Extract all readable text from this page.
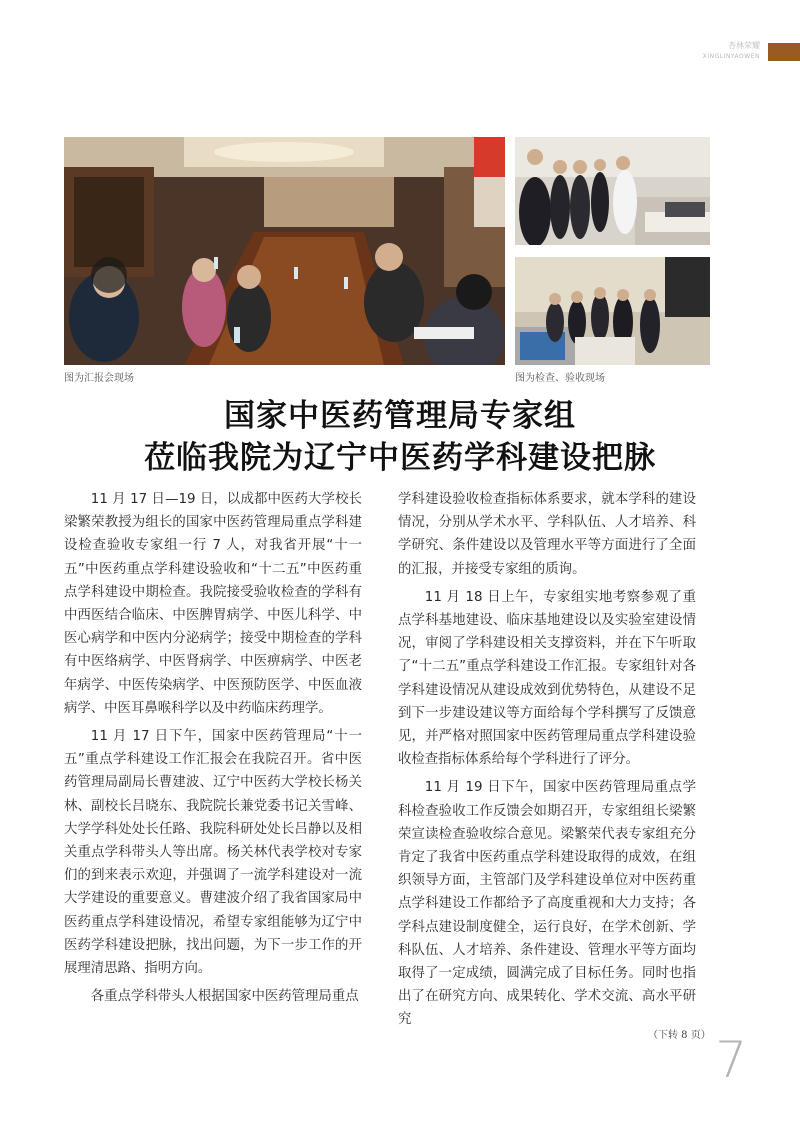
杏林荣耀
XINGLINYAOWEN
图为汇报会现场	图为检查、验收现场
国家中医药管理局专家组
莅临我院为辽宁中医药学科建设把脉

11 月 17 日—19 日，以成都中医药大学校长梁繁荣教授为组长的国家中医药管理局重点学科建设检查验收专家组一行 7 人，对我省开展“十一五”中医药重点学科建设验收和“十二五”中医药重点学科建设中期检查。我院接受验收检查的学科有中西医结合临床、中医脾胃病学、中医儿科学、中医心病学和中医内分泌病学；接受中期检查的学科有中医络病学、中医肾病学、中医痹病学、中医老年病学、中医传染病学、中医预防医学、中医血液病学、中医耳鼻喉科学以及中药临床药理学。

11 月 17 日下午，国家中医药管理局“十一五”重点学科建设工作汇报会在我院召开。省中医药管理局副局长曹建波、辽宁中医药大学校长杨关林、副校长吕晓东、我院院长兼党委书记关雪峰、大学学科处处长任路、我院科研处处长吕静以及相关重点学科带头人等出席。杨关林代表学校对专家们的到来表示欢迎，并强调了一流学科建设对一流大学建设的重要意义。曹建波介绍了我省国家局中医药重点学科建设情况，希望专家组能够为辽宁中医药学科建设把脉，找出问题，为下一步工作的开展理清思路、指明方向。

各重点学科带头人根据国家中医药管理局重点

学科建设验收检查指标体系要求，就本学科的建设情况，分别从学术水平、学科队伍、人才培养、科学研究、条件建设以及管理水平等方面进行了全面的汇报，并接受专家组的质询。

11 月 18 日上午，专家组实地考察参观了重点学科基地建设、临床基地建设以及实验室建设情况，审阅了学科建设相关支撑资料，并在下午听取了“十二五”重点学科建设工作汇报。专家组针对各学科建设情况从建设成效到优势特色，从建设不足到下一步建设建议等方面给每个学科撰写了反馈意见，并严格对照国家中医药管理局重点学科建设验收检查指标体系给每个学科进行了评分。

11 月 19 日下午，国家中医药管理局重点学科检查验收工作反馈会如期召开，专家组组长梁繁荣宣读检查验收综合意见。梁繁荣代表专家组充分肯定了我省中医药重点学科建设取得的成效，在组织领导方面，主管部门及学科建设单位对中医药重点学科建设工作都给予了高度重视和大力支持；各学科点建设制度健全，运行良好，在学术创新、学科队伍、人才培养、条件建设、管理水平等方面均取得了一定成绩，圆满完成了目标任务。同时也指出了在研究方向、成果转化、学术交流、高水平研究

（下转 8 页） 7
